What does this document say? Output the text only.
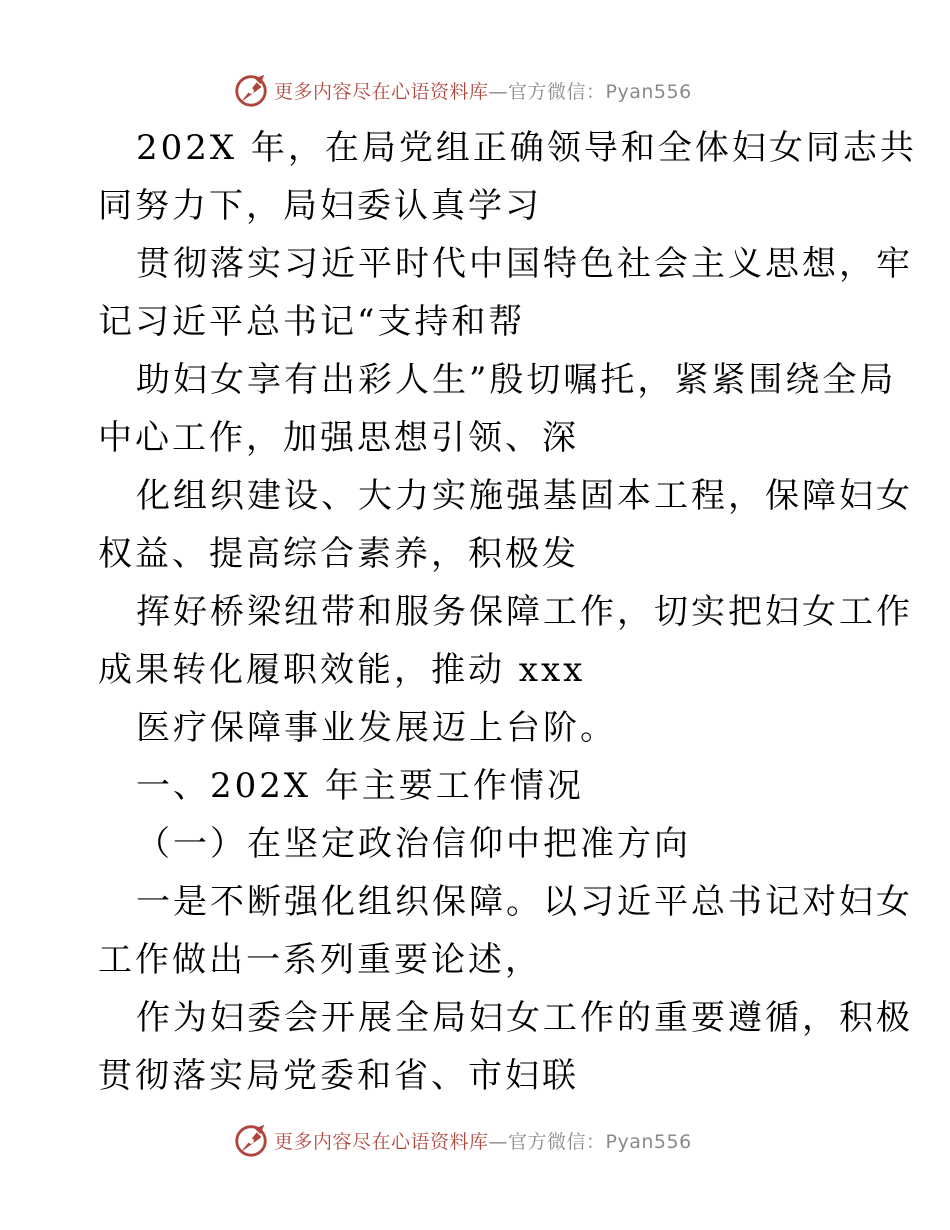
更多内容尽在心语资料库—官方微信：Pyan556
202X 年，在局党组正确领导和全体妇女同志共
同努力下，局妇委认真学习
贯彻落实习近平时代中国特色社会主义思想，牢
记习近平总书记“支持和帮
助妇女享有出彩人生”殷切嘱托，紧紧围绕全局
中心工作，加强思想引领、深
化组织建设、大力实施强基固本工程，保障妇女
权益、提高综合素养，积极发
挥好桥梁纽带和服务保障工作，切实把妇女工作
成果转化履职效能，推动 xxx
医疗保障事业发展迈上台阶。
一、202X 年主要工作情况
（一）在坚定政治信仰中把准方向
一是不断强化组织保障。以习近平总书记对妇女
工作做出一系列重要论述，
作为妇委会开展全局妇女工作的重要遵循，积极
贯彻落实局党委和省、市妇联
更多内容尽在心语资料库—官方微信：Pyan556
